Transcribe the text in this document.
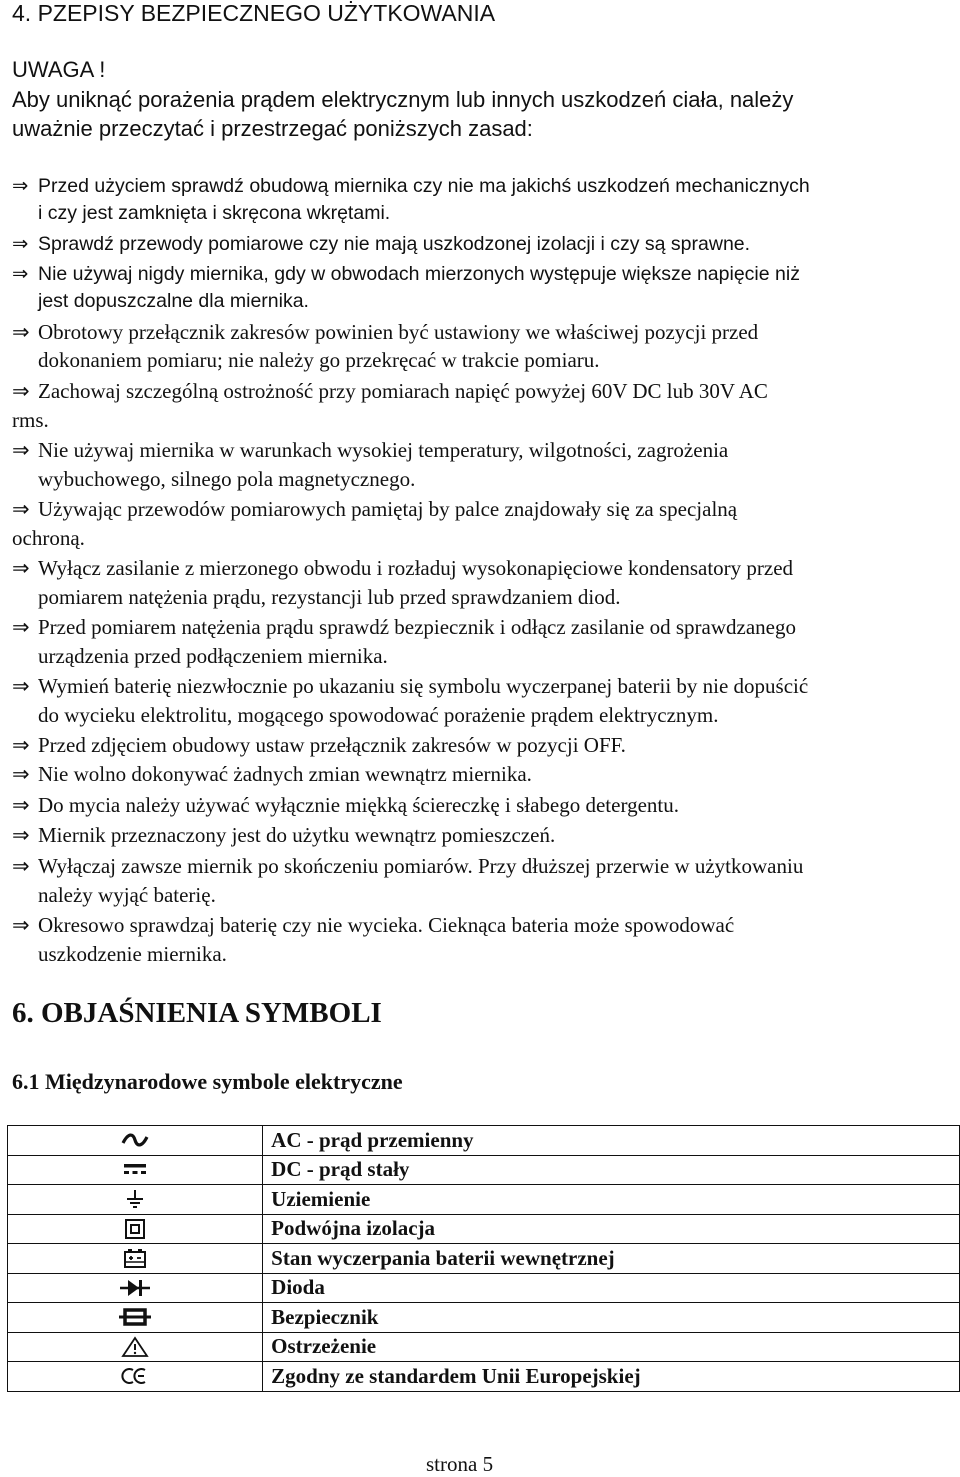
4. PZEPISY BEZPIECZNEGO UŻYTKOWANIA
UWAGA !
Aby uniknąć porażenia prądem elektrycznym lub innych uszkodzeń ciała, należy
uważnie przeczytać i przestrzegać poniższych zasad:
⇒ Przed użyciem sprawdź obudową miernika czy nie ma jakichś uszkodzeń mechanicznych
i czy jest zamknięta i skręcona wkrętami.
⇒ Sprawdź przewody pomiarowe czy nie mają uszkodzonej izolacji i czy są sprawne.
⇒ Nie używaj nigdy miernika, gdy w obwodach mierzonych występuje większe napięcie niż
jest dopuszczalne dla miernika.
⇒ Obrotowy przełącznik zakresów powinien być ustawiony we właściwej pozycji przed
dokonaniem pomiaru; nie należy go przekręcać w trakcie pomiaru.
⇒ Zachowaj szczególną ostrożność przy pomiarach napięć powyżej 60V DC lub 30V AC
rms.
⇒ Nie używaj miernika w warunkach wysokiej temperatury, wilgotności, zagrożenia
wybuchowego, silnego pola magnetycznego.
⇒ Używając przewodów pomiarowych pamiętaj by palce znajdowały się za specjalną
ochroną.
⇒ Wyłącz zasilanie z mierzonego obwodu i rozładuj wysokonapięciowe kondensatory przed
pomiarem natężenia prądu, rezystancji lub przed sprawdzaniem diod.
⇒ Przed pomiarem natężenia prądu sprawdź bezpiecznik i odłącz zasilanie od sprawdzanego
urządzenia przed podłączeniem miernika.
⇒ Wymień baterię niezwłocznie po ukazaniu się symbolu wyczerpanej baterii by nie dopuścić
do wycieku elektrolitu, mogącego spowodować porażenie prądem elektrycznym.
⇒ Przed zdjęciem obudowy ustaw przełącznik zakresów w pozycji OFF.
⇒ Nie wolno dokonywać żadnych zmian wewnątrz miernika.
⇒ Do mycia należy używać wyłącznie miękką ściereczkę i słabego detergentu.
⇒ Miernik przeznaczony jest do użytku wewnątrz pomieszczeń.
⇒ Wyłączaj zawsze miernik po skończeniu pomiarów. Przy dłuższej przerwie w użytkowaniu
należy wyjąć baterię.
⇒ Okresowo sprawdzaj baterię czy nie wycieka. Cieknąca bateria może spowodować
uszkodzenie miernika.
6. OBJAŚNIENIA SYMBOLI
6.1 Międzynarodowe symbole elektryczne
	AC - prąd przemienny
	DC - prąd stały
	Uziemienie
	Podwójna izolacja
	Stan wyczerpania baterii wewnętrznej
	Dioda
	Bezpiecznik
	Ostrzeżenie
	Zgodny ze standardem Unii Europejskiej
strona 5
